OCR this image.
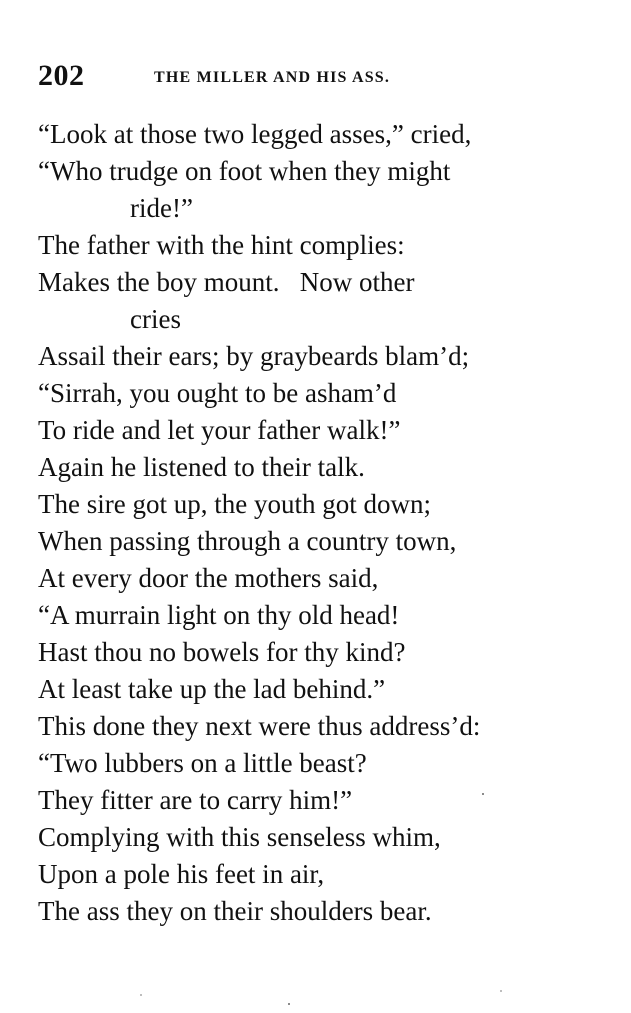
202	THE MILLER AND HIS ASS.
“Look at those two legged asses,” cried,
“Who trudge on foot when they might
ride!”
The father with the hint complies:
Makes the boy mount.   Now other
cries
Assail their ears; by graybeards blam’d;
“Sirrah, you ought to be asham’d
To ride and let your father walk!”
Again he listened to their talk.
The sire got up, the youth got down;
When passing through a country town,
At every door the mothers said,
“A murrain light on thy old head!
Hast thou no bowels for thy kind?
At least take up the lad behind.”
This done they next were thus address’d:
“Two lubbers on a little beast?
They fitter are to carry him!”
Complying with this senseless whim,
Upon a pole his feet in air,
The ass they on their shoulders bear.
